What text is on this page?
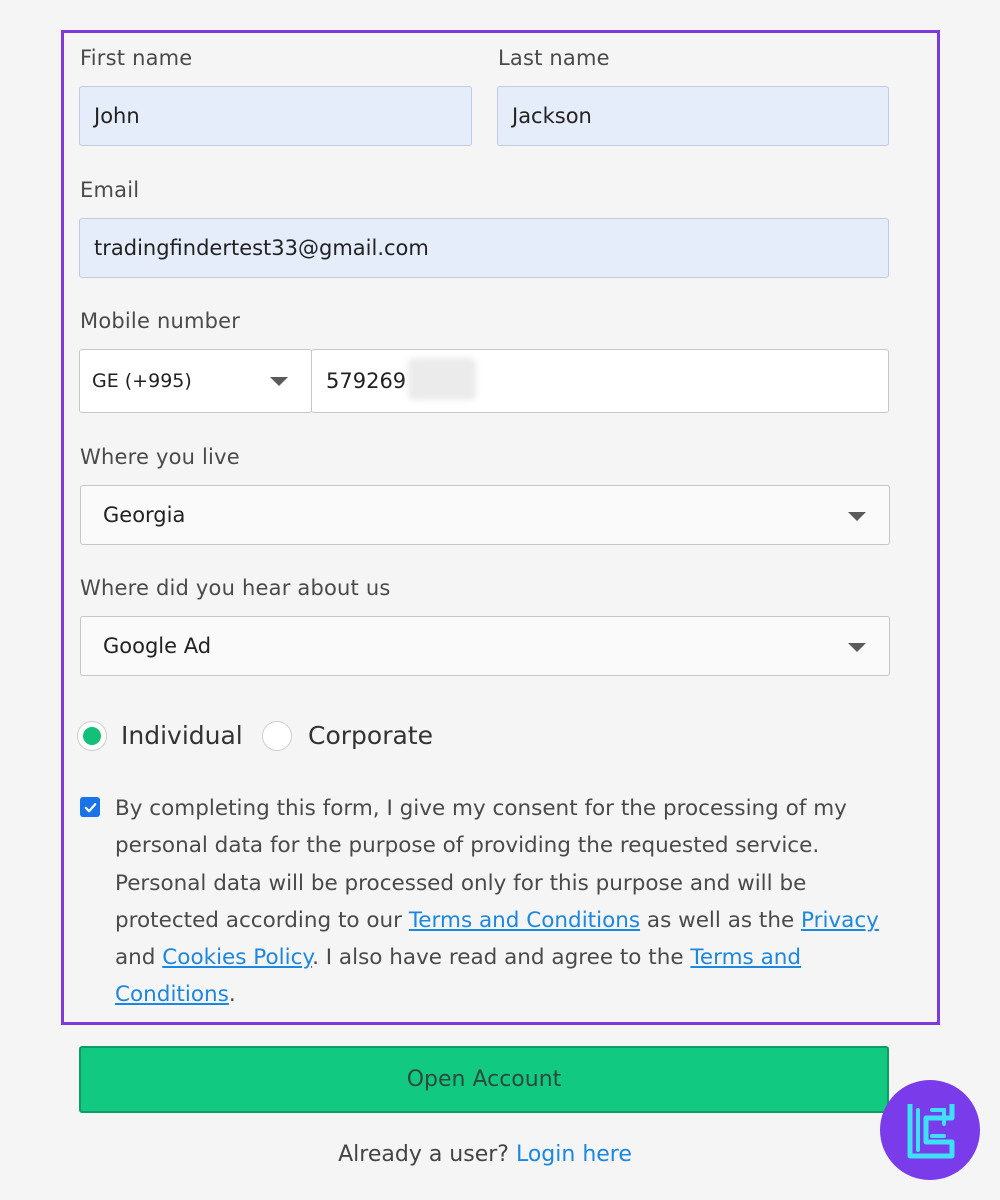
First name
John
Last name
Jackson
Email
tradingfindertest33@gmail.com
Mobile number
GE (+995)	579269
Where you live
Georgia
Where did you hear about us
Google Ad
Individual	Corporate
By completing this form, I give my consent for the processing of my personal data for the purpose of providing the requested service. Personal data will be processed only for this purpose and will be protected according to our Terms and Conditions as well as the Privacy and Cookies Policy. I also have read and agree to the Terms and Conditions.
Open Account
Already a user? Login here
